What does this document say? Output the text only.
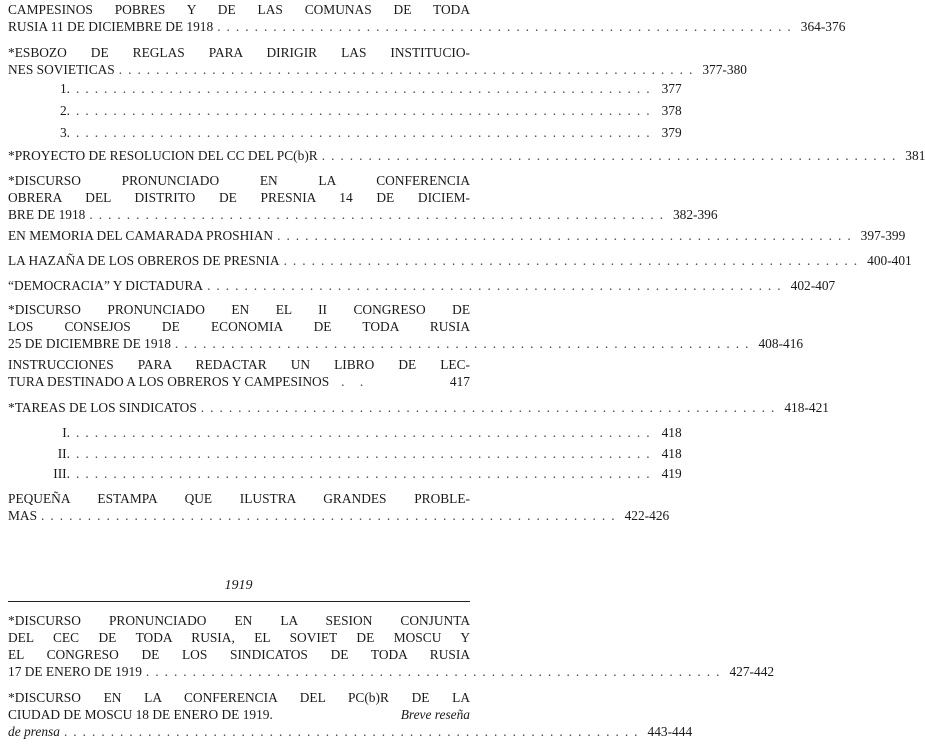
CAMPESINOS POBRES Y DE LAS COMUNAS DE TODA
RUSIA 11 DE DICIEMBRE DE 1918 .............................................................. 364-376
*ESBOZO DE REGLAS PARA DIRIGIR LAS INSTITUCIO-
NES SOVIETICAS .............................................................. 377-380
1. .............................................................. 377
2. .............................................................. 378
3. .............................................................. 379
*PROYECTO DE RESOLUCION DEL CC DEL PC(b)R .............................................................. 381
*DISCURSO PRONUNCIADO EN LA CONFERENCIA
OBRERA DEL DISTRITO DE PRESNIA 14 DE DICIEM-
BRE DE 1918 .............................................................. 382-396
EN MEMORIA DEL CAMARADA PROSHIAN .............................................................. 397-399
LA HAZAÑA DE LOS OBREROS DE PRESNIA .............................................................. 400-401
“DEMOCRACIA” Y DICTADURA .............................................................. 402-407
*DISCURSO PRONUNCIADO EN EL II CONGRESO DE
LOS CONSEJOS DE ECONOMIA DE TODA RUSIA
25 DE DICIEMBRE DE 1918 .............................................................. 408-416
INSTRUCCIONES PARA REDACTAR UN LIBRO DE LEC-
TURA DESTINADO A LOS OBREROS Y CAMPESINOS . .	417
*TAREAS DE LOS SINDICATOS .............................................................. 418-421
I. .............................................................. 418
II. .............................................................. 418
III. .............................................................. 419
PEQUEÑA ESTAMPA QUE ILUSTRA GRANDES PROBLE-
MAS .............................................................. 422-426
1919
*DISCURSO PRONUNCIADO EN LA SESION CONJUNTA
DEL CEC DE TODA RUSIA, EL SOVIET DE MOSCU Y
EL CONGRESO DE LOS SINDICATOS DE TODA RUSIA
17 DE ENERO DE 1919 .............................................................. 427-442
*DISCURSO EN LA CONFERENCIA DEL PC(b)R DE LA
CIUDAD DE MOSCU 18 DE ENERO DE 1919.	Breve reseña
de prensa .............................................................. 443-444
